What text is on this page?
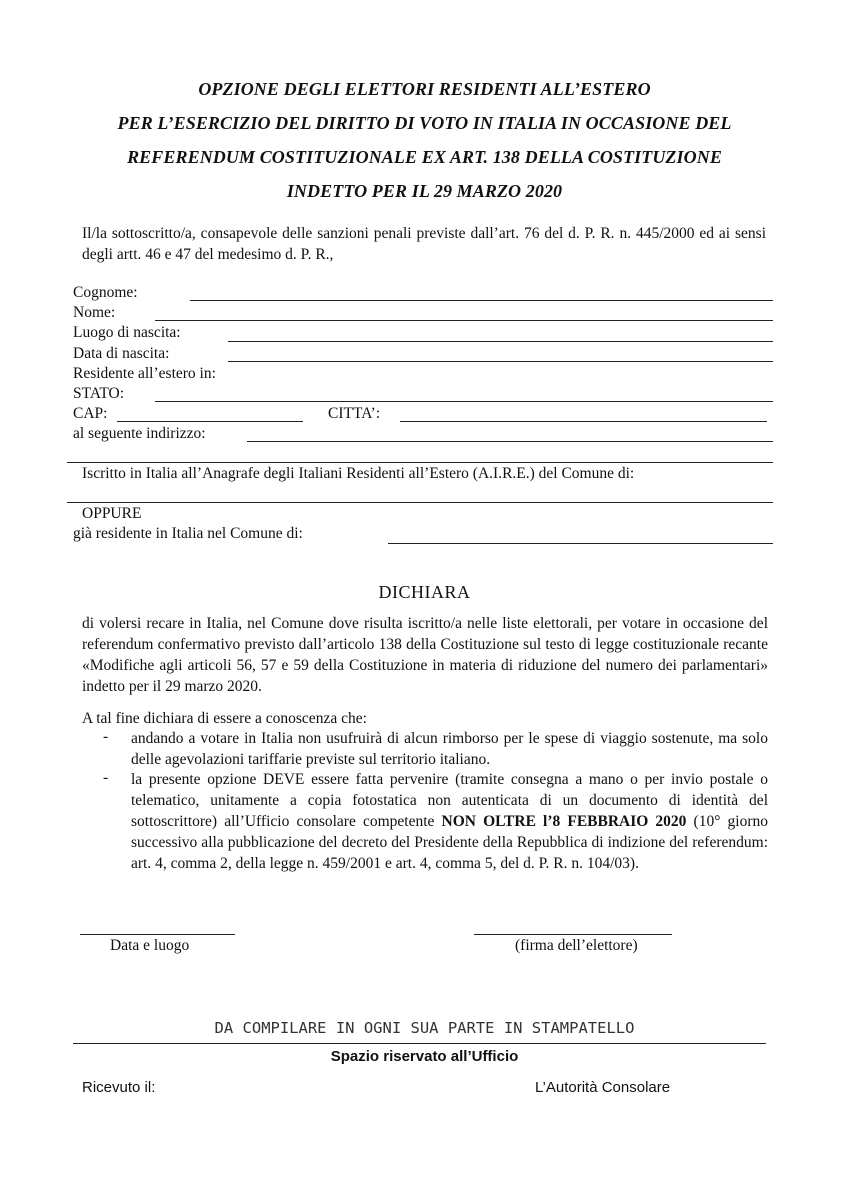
OPZIONE DEGLI ELETTORI RESIDENTI ALL’ESTERO
PER L’ESERCIZIO DEL DIRITTO DI VOTO IN ITALIA IN OCCASIONE DEL
REFERENDUM COSTITUZIONALE EX ART. 138 DELLA COSTITUZIONE
INDETTO PER IL 29 MARZO 2020
Il/la sottoscritto/a, consapevole delle sanzioni penali previste dall’art. 76 del d. P. R. n. 445/2000 ed ai sensi degli artt. 46 e 47 del medesimo d. P. R.,
Cognome:
Nome:
Luogo di nascita:
Data di nascita:
Residente all’estero in:
STATO:
CAP:	CITTA’:
al seguente indirizzo:
Iscritto in Italia all’Anagrafe degli Italiani Residenti all’Estero (A.I.R.E.) del Comune di:
OPPURE
già residente in Italia nel Comune di:
DICHIARA
di volersi recare in Italia, nel Comune dove risulta iscritto/a nelle liste elettorali, per votare in occasione del referendum confermativo previsto dall’articolo 138 della Costituzione sul testo di legge costituzionale recante «Modifiche agli articoli 56, 57 e 59 della Costituzione in materia di riduzione del numero dei parlamentari» indetto per il 29 marzo 2020.
A tal fine dichiara di essere a conoscenza che:
- andando a votare in Italia non usufruirà di alcun rimborso per le spese di viaggio sostenute, ma solo delle agevolazioni tariffarie previste sul territorio italiano.
- la presente opzione DEVE essere fatta pervenire (tramite consegna a mano o per invio postale o telematico, unitamente a copia fotostatica non autenticata di un documento di identità del sottoscrittore) all’Ufficio consolare competente NON OLTRE l’8 FEBBRAIO 2020 (10° giorno successivo alla pubblicazione del decreto del Presidente della Repubblica di indizione del referendum: art. 4, comma 2, della legge n. 459/2001 e art. 4, comma 5, del d. P. R. n. 104/03).
Data e luogo	(firma dell’elettore)
DA COMPILARE IN OGNI SUA PARTE IN STAMPATELLO
Spazio riservato all’Ufficio
Ricevuto il:	L’Autorità Consolare
